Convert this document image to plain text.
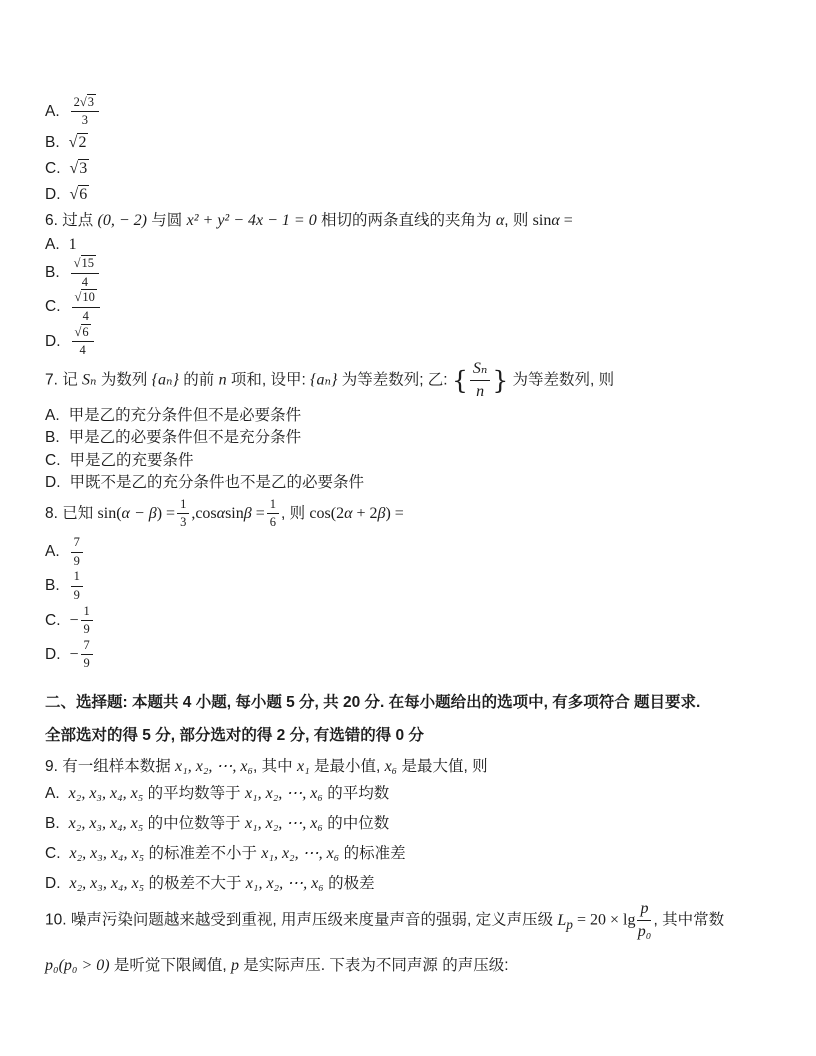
A. $\frac{2√3}{3}$
B. √2
C. √3
D. √6
6. 过点 (0, − 2) 与圆 x² + y² − 4x − 1 = 0 相切的两条直线的夹角为 α, 则 sinα =
A. 1
B. $\frac{√15}{4}$
C. $\frac{√10}{4}$
D. $\frac{√6}{4}$
7. 记 Sₙ 为数列 {aₙ} 的前 n 项和, 设甲: {aₙ} 为等差数列; 乙: { $\frac{\text{Sₙ}}{n}$ } 为等差数列, 则
A. 甲是乙的充分条件但不是必要条件
B. 甲是乙的必要条件但不是充分条件
C. 甲是乙的充要条件
D. 甲既不是乙的充分条件也不是乙的必要条件
8. 已知 $\sin(\alpha - \beta) = \frac{1}{3} ,\cos\alpha\sin\beta = \frac{1}{6}$ , 则 cos(2α + 2β) =
A. $\frac{7}{9}$
B. $\frac{1}{9}$
C. − $\frac{1}{9}$
D. − $\frac{7}{9}$
二、选择题: 本题共 4 小题, 每小题 5 分, 共 20 分. 在每小题给出的选项中, 有多项符合 题目要求.
全部选对的得 5 分, 部分选对的得 2 分, 有选错的得 0 分
9. 有一组样本数据 x₁, x₂, ⋯, x₆, 其中 x₁ 是最小值, x₆ 是最大值, 则
A. x₂, x₃, x₄, x₅ 的平均数等于 x₁, x₂, ⋯, x₆ 的平均数
B. x₂, x₃, x₄, x₅ 的中位数等于 x₁, x₂, ⋯, x₆ 的中位数
C. x₂, x₃, x₄, x₅ 的标准差不小于 x₁, x₂, ⋯, x₆ 的标准差
D. x₂, x₃, x₄, x₅ 的极差不大于 x₁, x₂, ⋯, x₆ 的极差
10. 噪声污染问题越来越受到重视, 用声压级来度量声音的强弱, 定义声压级 $L_p = 20 \times \lg \frac{p}{\text{p₀}}$ , 其中常数
p₀(p₀ > 0) 是听觉下限阈值, p 是实际声压. 下表为不同声源 的声压级:
